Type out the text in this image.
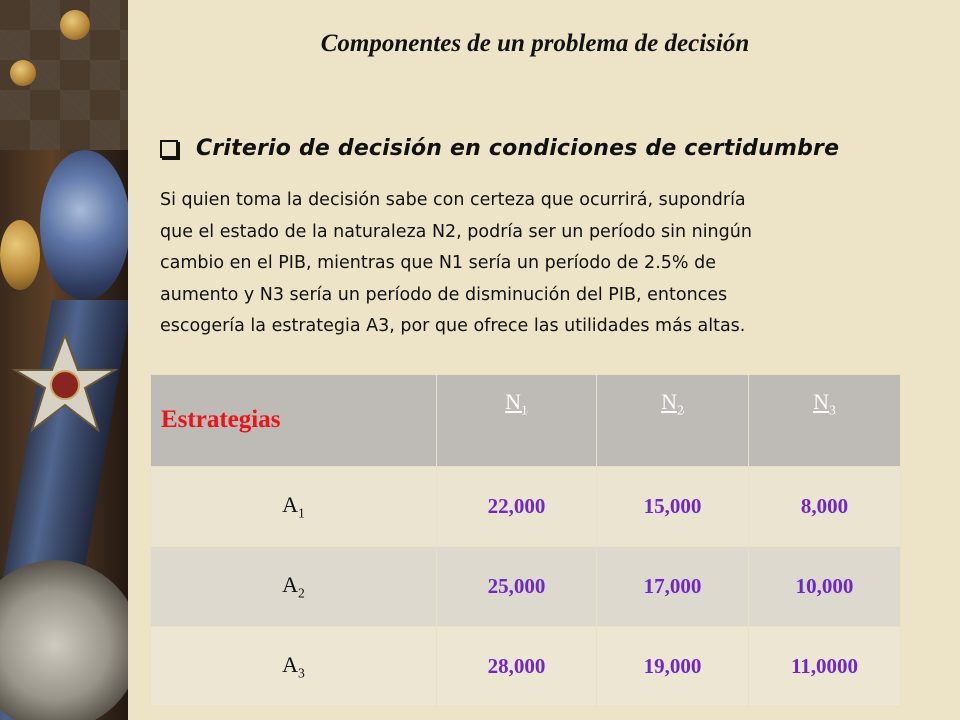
Componentes de un problema de decisión
Criterio de decisión en condiciones de certidumbre

Si quien toma la decisión sabe con certeza que ocurrirá, supondría
que el estado de la naturaleza N2, podría ser un período sin ningún
cambio en el PIB, mientras que N1 sería un período de 2.5% de
aumento y N3 sería un período de disminución del PIB, entonces
escogería la estrategia A3, por que ofrece las utilidades más altas.

Estrategias	$N_1$	$N_2$	$N_3$
$A_1$	22,000	15,000	8,000
$A_2$	25,000	17,000	10,000
$A_3$	28,000	19,000	11,0000
